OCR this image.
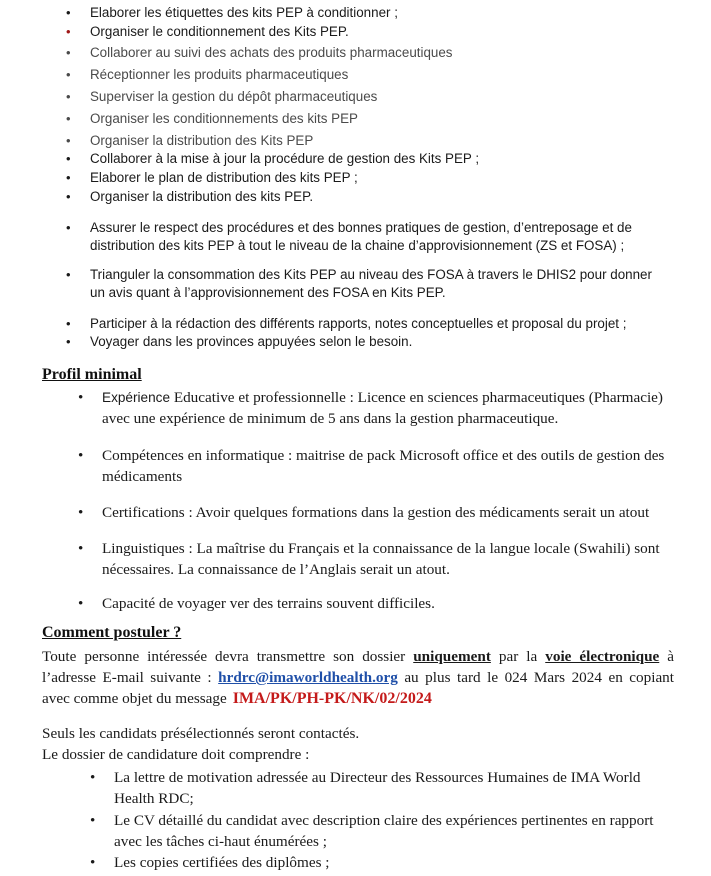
• Elaborer les étiquettes des kits PEP à conditionner ;
• Organiser le conditionnement des Kits PEP.
• Collaborer au suivi des achats des produits pharmaceutiques
• Réceptionner les produits pharmaceutiques
• Superviser la gestion du dépôt pharmaceutiques
• Organiser les conditionnements des kits PEP
• Organiser la distribution des Kits PEP
• Collaborer à la mise à jour la procédure de gestion des Kits PEP ;
• Elaborer le plan de distribution des kits PEP ;
• Organiser la distribution des kits PEP.
• Assurer le respect des procédures et des bonnes pratiques de gestion, d’entreposage et de distribution des kits PEP à tout le niveau de la chaine d’approvisionnement (ZS et FOSA) ;
• Trianguler la consommation des Kits PEP au niveau des FOSA à travers le DHIS2 pour donner un avis quant à l’approvisionnement des FOSA en Kits PEP.
• Participer à la rédaction des différents rapports, notes conceptuelles et proposal du projet ;
• Voyager dans les provinces appuyées selon le besoin.
Profil minimal
• Expérience Educative et professionnelle : Licence en sciences pharmaceutiques (Pharmacie) avec une expérience de minimum de 5 ans dans la gestion pharmaceutique.
• Compétences en informatique : maitrise de pack Microsoft office et des outils de gestion des médicaments
• Certifications : Avoir quelques formations dans la gestion des médicaments serait un atout
• Linguistiques : La maîtrise du Français et la connaissance de la langue locale (Swahili) sont nécessaires. La connaissance de l’Anglais serait un atout.
• Capacité de voyager ver des terrains souvent difficiles.
Comment postuler ?
Toute personne intéressée devra transmettre son dossier uniquement par la voie électronique à
l’adresse E-mail suivante : hrdrc@imaworldhealth.org au plus tard le 024 Mars 2024 en copiant
avec comme objet du message IMA/PK/PH-PK/NK/02/2024
Seuls les candidats présélectionnés seront contactés.
Le dossier de candidature doit comprendre :
• La lettre de motivation adressée au Directeur des Ressources Humaines de IMA World Health RDC;
• Le CV détaillé du candidat avec description claire des expériences pertinentes en rapport avec les tâches ci-haut énumérées ;
• Les copies certifiées des diplômes ;
